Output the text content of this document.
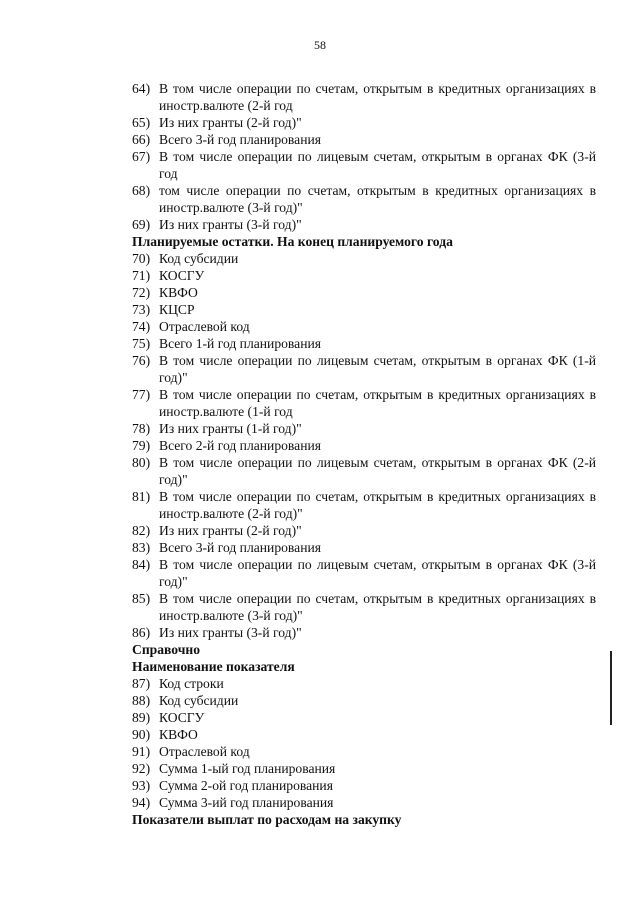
58
64) В том числе операции по счетам, открытым в кредитных организациях в иностр.валюте (2-й год
65) Из них гранты (2-й год)"
66) Всего 3-й год планирования
67) В том числе операции по лицевым счетам, открытым в органах ФК (3-й год
68) том числе операции по счетам, открытым в кредитных организациях в иностр.валюте (3-й год)"
69) Из них гранты (3-й год)"
Планируемые остатки. На конец планируемого года
70) Код субсидии
71) КОСГУ
72) КВФО
73) КЦСР
74) Отраслевой код
75) Всего 1-й год планирования
76) В том числе операции по лицевым счетам, открытым в органах ФК (1-й год)"
77) В том числе операции по счетам, открытым в кредитных организациях в иностр.валюте (1-й год
78) Из них гранты (1-й год)"
79) Всего 2-й год планирования
80) В том числе операции по лицевым счетам, открытым в органах ФК (2-й год)"
81) В том числе операции по счетам, открытым в кредитных организациях в иностр.валюте (2-й год)"
82) Из них гранты (2-й год)"
83) Всего 3-й год планирования
84) В том числе операции по лицевым счетам, открытым в органах ФК (3-й год)"
85) В том числе операции по счетам, открытым в кредитных организациях в иностр.валюте (3-й год)"
86) Из них гранты (3-й год)"
Справочно
Наименование показателя
87) Код строки
88) Код субсидии
89) КОСГУ
90) КВФО
91) Отраслевой код
92) Сумма 1-ый год планирования
93) Сумма 2-ой год планирования
94) Сумма 3-ий год планирования
Показатели выплат по расходам на закупку
